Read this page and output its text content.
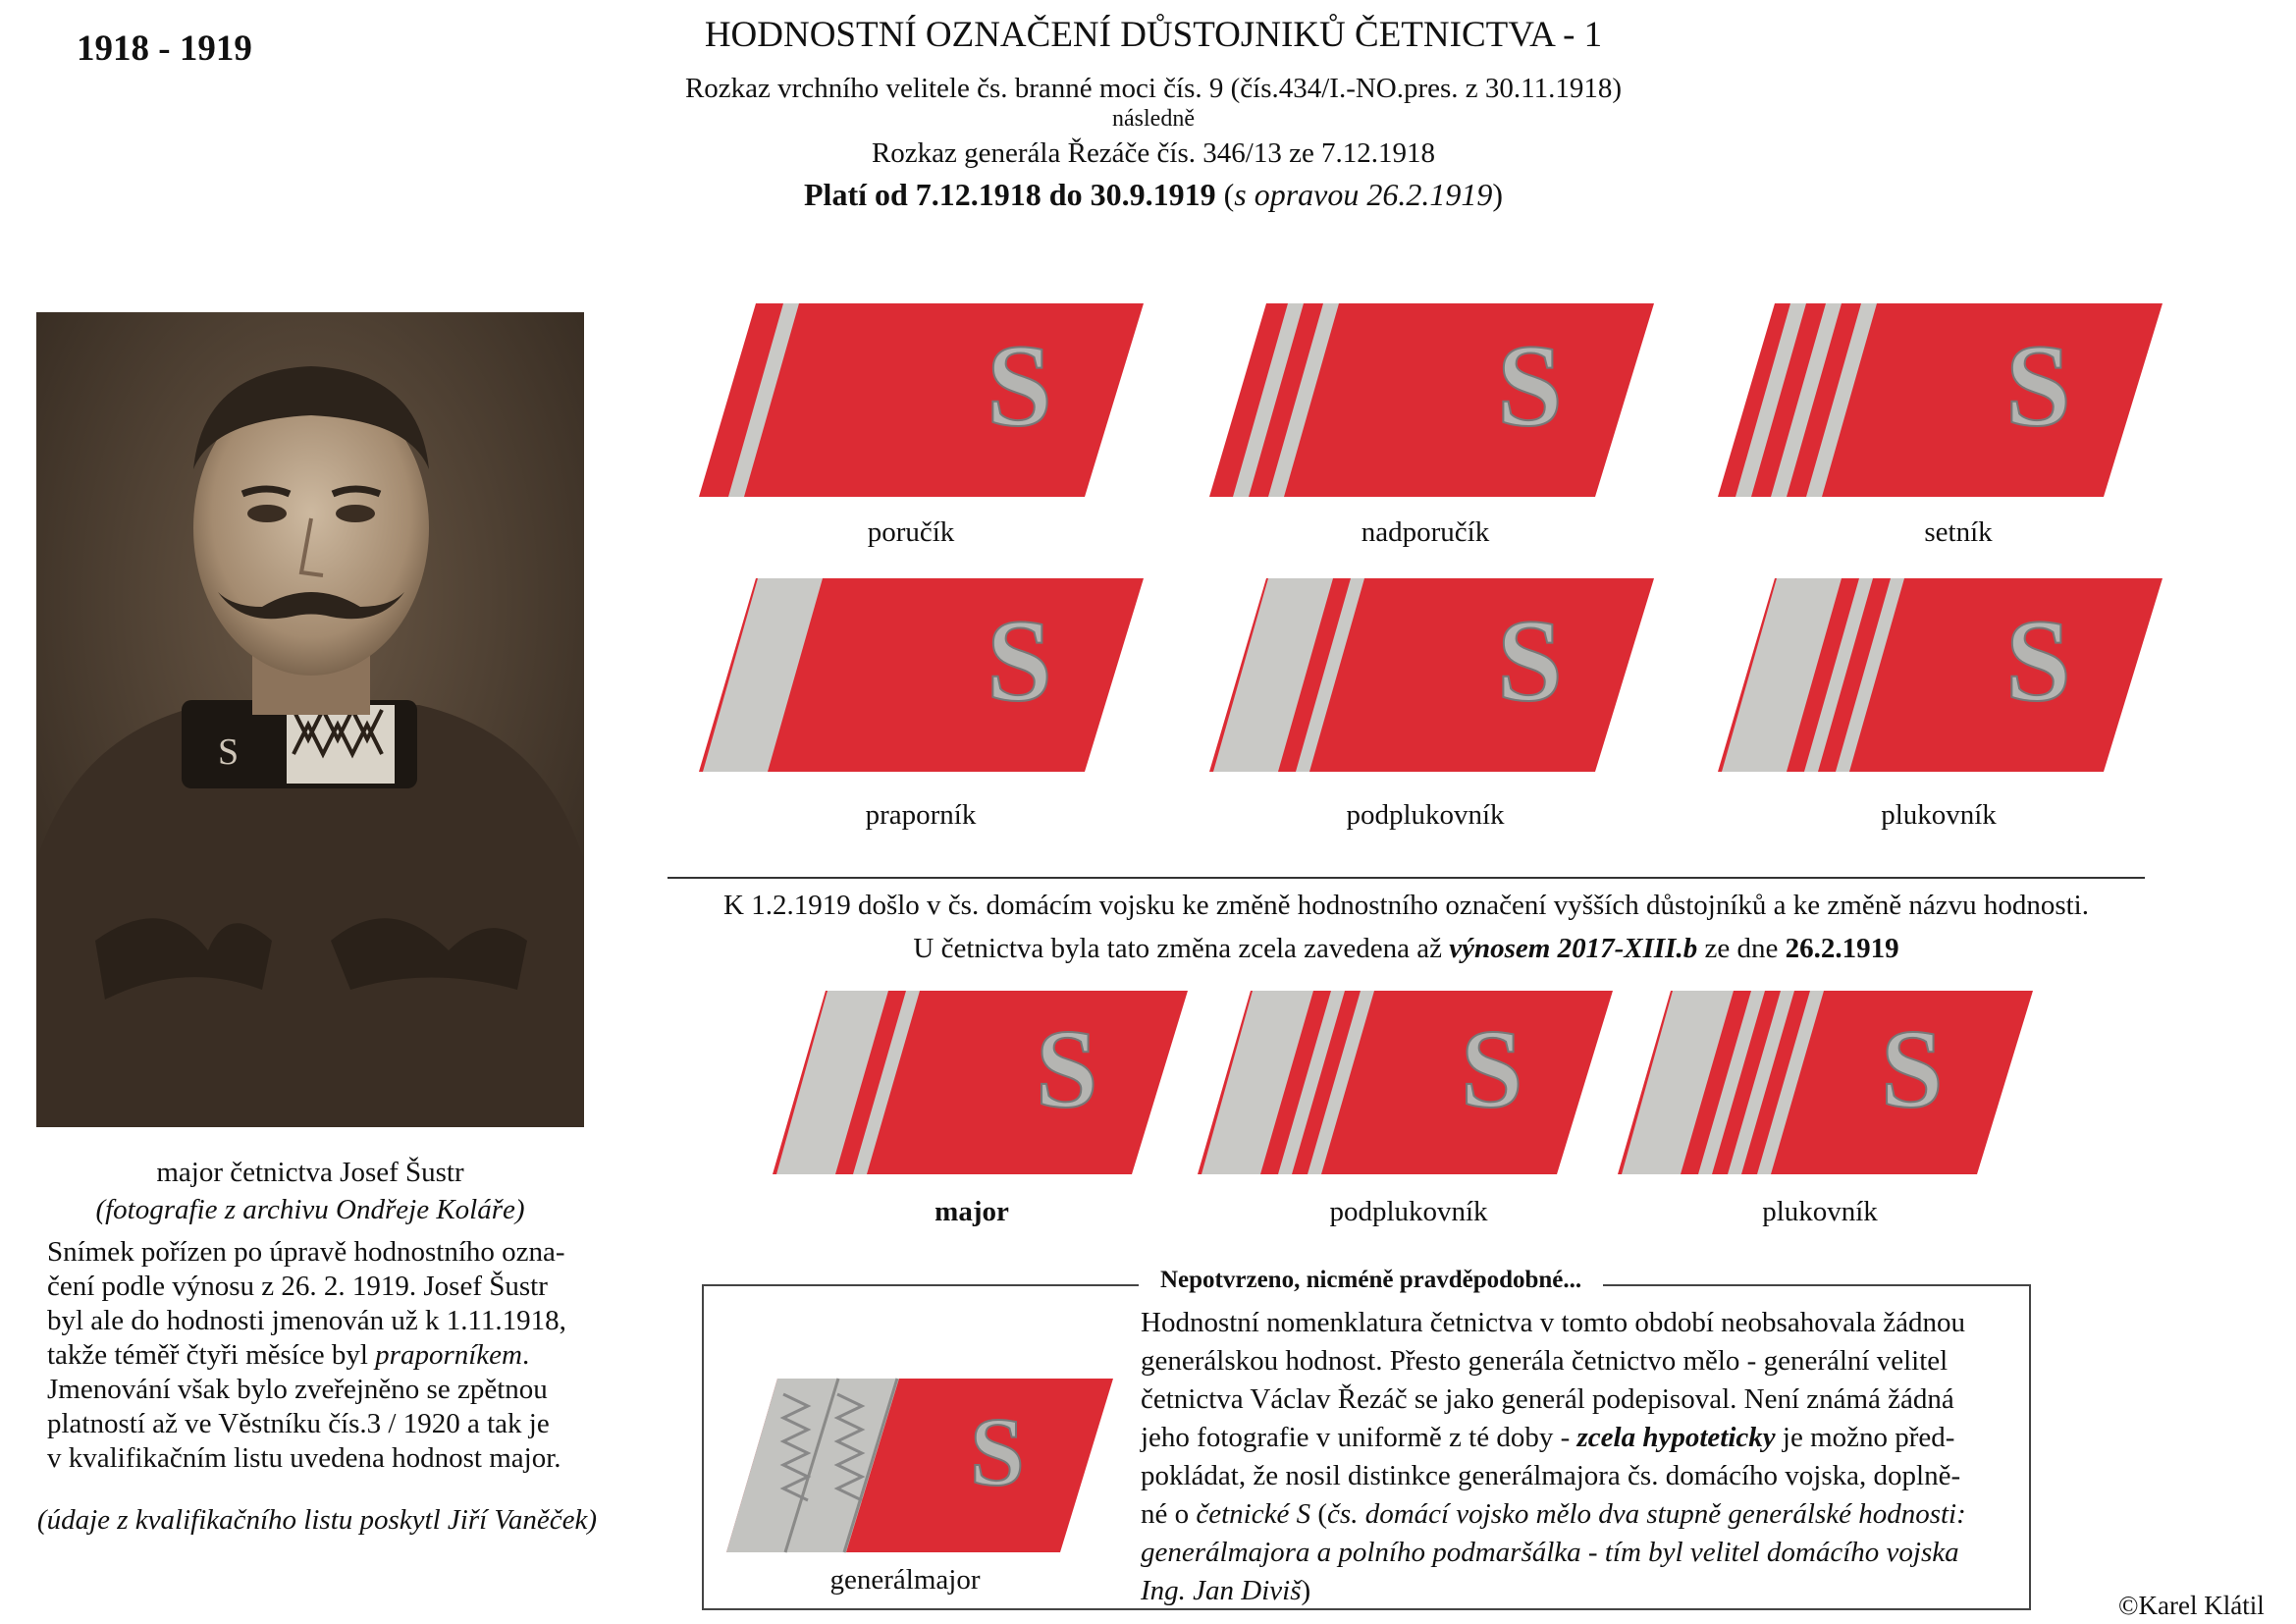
1918 - 1919	HODNOSTNÍ OZNAČENÍ DŮSTOJNIKŮ ČETNICTVA - 1
Rozkaz vrchního velitele čs. branné moci čís. 9 (čís.434/I.-NO.pres. z 30.11.1918)
následně
Rozkaz generála Řezáče čís. 346/13 ze 7.12.1918
Platí od 7.12.1918 do 30.9.1919 (s opravou 26.2.1919)
S
major četnictva Josef Šustr
(fotografie z archivu Ondřeje Koláře)
Snímek pořízen po úpravě hodnostního ozna-
čení podle výnosu z 26. 2. 1919. Josef Šustr
byl ale do hodnosti jmenován už k 1.11.1918,
takže téměř čtyři měsíce byl praporníkem.
Jmenování však bylo zveřejněno se zpětnou
platností až ve Věstníku čís.3 / 1920 a tak je
v kvalifikačním listu uvedena hodnost major.
(údaje z kvalifikačního listu poskytl Jiří Vaněček)
S	S	S
poručík	nadporučík	setník
S	S	S
praporník	podplukovník	plukovník
K 1.2.1919 došlo v čs. domácím vojsku ke změně hodnostního označení vyšších důstojníků a ke změně názvu hodnosti.
U četnictva byla tato změna zcela zavedena až výnosem 2017-XIII.b ze dne 26.2.1919
S	S	S
major	podplukovník	plukovník
Nepotvrzeno, nicméně pravděpodobné...
S
generálmajor
Hodnostní nomenklatura četnictva v tomto období neobsahovala žádnou
generálskou hodnost. Přesto generála četnictvo mělo - generální velitel
četnictva Václav Řezáč se jako generál podepisoval. Není známá žádná
jeho fotografie v uniformě z té doby - zcela hypoteticky je možno před-
pokládat, že nosil distinkce generálmajora čs. domácího vojska, doplně-
né o četnické S (čs. domácí vojsko mělo dva stupně generálské hodnosti:
generálmajora a polního podmaršálka - tím byl velitel domácího vojska
Ing. Jan Diviš)	©Karel Klátil
